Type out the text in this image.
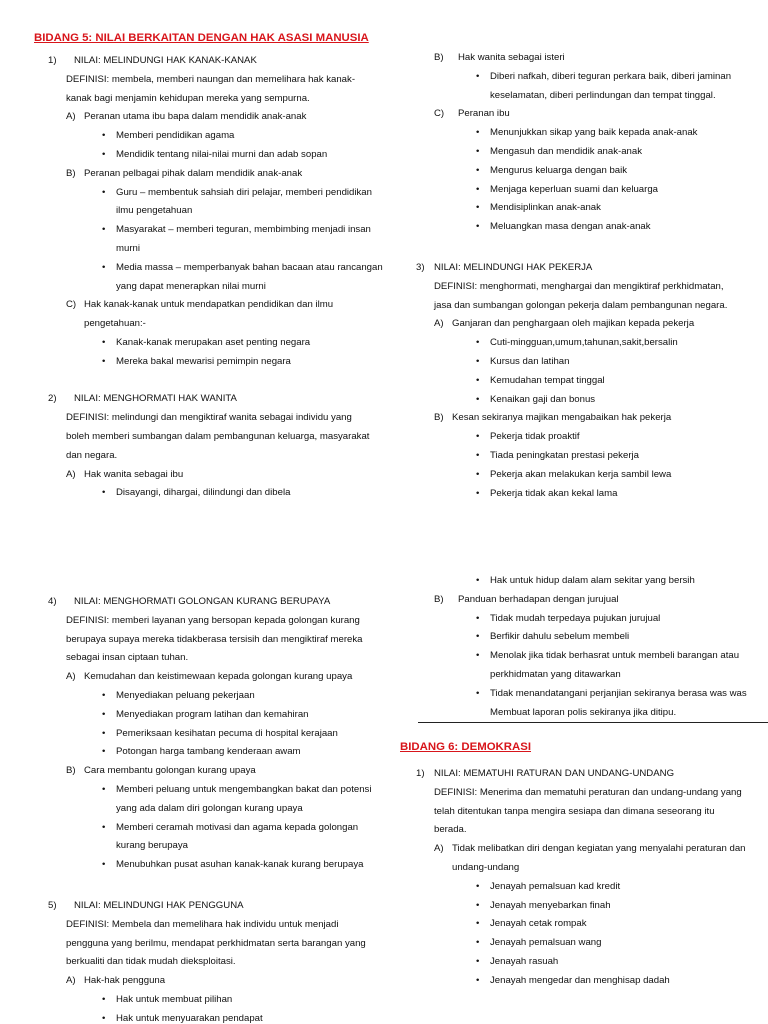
BIDANG 5: NILAI BERKAITAN DENGAN HAK ASASI MANUSIA
1) NILAI: MELINDUNGI HAK KANAK-KANAK
DEFINISI: membela, memberi naungan dan memelihara hak kanak-
kanak bagi menjamin kehidupan mereka yang sempurna.
A) Peranan utama ibu bapa dalam mendidik anak-anak
• Memberi pendidikan agama
• Mendidik tentang nilai-nilai murni dan adab sopan
B) Peranan pelbagai pihak dalam mendidik anak-anak
• Guru – membentuk sahsiah diri pelajar, memberi pendidikan
ilmu pengetahuan
• Masyarakat – memberi teguran, membimbing menjadi insan
murni
• Media massa – memperbanyak bahan bacaan atau rancangan
yang dapat menerapkan nilai murni
C) Hak kanak-kanak untuk mendapatkan pendidikan dan ilmu
pengetahuan:-
• Kanak-kanak merupakan aset penting negara
• Mereka bakal mewarisi pemimpin negara
2) NILAI: MENGHORMATI HAK WANITA
DEFINISI: melindungi dan mengiktiraf wanita sebagai individu yang
boleh memberi sumbangan dalam pembangunan keluarga, masyarakat
dan negara.
A) Hak wanita sebagai ibu
• Disayangi, dihargai, dilindungi dan dibela
B) Hak wanita sebagai isteri
• Diberi nafkah, diberi teguran perkara baik, diberi jaminan
keselamatan, diberi perlindungan dan tempat tinggal.
C) Peranan ibu
• Menunjukkan sikap yang baik kepada anak-anak
• Mengasuh dan mendidik anak-anak
• Mengurus keluarga dengan baik
• Menjaga keperluan suami dan keluarga
• Mendisiplinkan anak-anak
• Meluangkan masa dengan anak-anak
3) NILAI: MELINDUNGI HAK PEKERJA
DEFINISI: menghormati, menghargai dan mengiktiraf perkhidmatan,
jasa dan sumbangan golongan pekerja dalam pembangunan negara.
A) Ganjaran dan penghargaan oleh majikan kepada pekerja
• Cuti-mingguan,umum,tahunan,sakit,bersalin
• Kursus dan latihan
• Kemudahan tempat tinggal
• Kenaikan gaji dan bonus
B) Kesan sekiranya majikan mengabaikan hak pekerja
• Pekerja tidak proaktif
• Tiada peningkatan prestasi pekerja
• Pekerja akan melakukan kerja sambil lewa
• Pekerja tidak akan kekal lama
4) NILAI: MENGHORMATI GOLONGAN KURANG BERUPAYA
DEFINISI: memberi layanan yang bersopan kepada golongan kurang
berupaya supaya mereka tidakberasa tersisih dan mengiktiraf mereka
sebagai insan ciptaan tuhan.
A) Kemudahan dan keistimewaan kepada golongan kurang upaya
• Menyediakan peluang pekerjaan
• Menyediakan program latihan dan kemahiran
• Pemeriksaan kesihatan pecuma di hospital kerajaan
• Potongan harga tambang kenderaan awam
B) Cara membantu golongan kurang upaya
• Memberi peluang untuk mengembangkan bakat dan potensi
yang ada dalam diri golongan kurang upaya
• Memberi ceramah motivasi dan agama kepada golongan
kurang berupaya
• Menubuhkan pusat asuhan kanak-kanak kurang berupaya
5) NILAI: MELINDUNGI HAK PENGGUNA
DEFINISI: Membela dan memelihara hak individu untuk menjadi
pengguna yang berilmu, mendapat perkhidmatan serta barangan yang
berkualiti dan tidak mudah dieksploitasi.
A) Hak-hak pengguna
• Hak untuk membuat pilihan
• Hak untuk menyuarakan pendapat
• Hak untuk hidup dalam alam sekitar yang bersih
B) Panduan berhadapan dengan jurujual
• Tidak mudah terpedaya pujukan jurujual
• Berfikir dahulu sebelum membeli
• Menolak jika tidak berhasrat untuk membeli barangan atau
perkhidmatan yang ditawarkan
• Tidak menandatangani perjanjian sekiranya berasa was was
Membuat laporan polis sekiranya jika ditipu.
BIDANG 6: DEMOKRASI
1) NILAI: MEMATUHI RATURAN DAN UNDANG-UNDANG
DEFINISI: Menerima dan mematuhi peraturan dan undang-undang yang
telah ditentukan tanpa mengira sesiapa dan dimana seseorang itu
berada.
A) Tidak melibatkan diri dengan kegiatan yang menyalahi peraturan dan
undang-undang
• Jenayah pemalsuan kad kredit
• Jenayah menyebarkan finah
• Jenayah cetak rompak
• Jenayah pemalsuan wang
• Jenayah rasuah
• Jenayah mengedar dan menghisap dadah
